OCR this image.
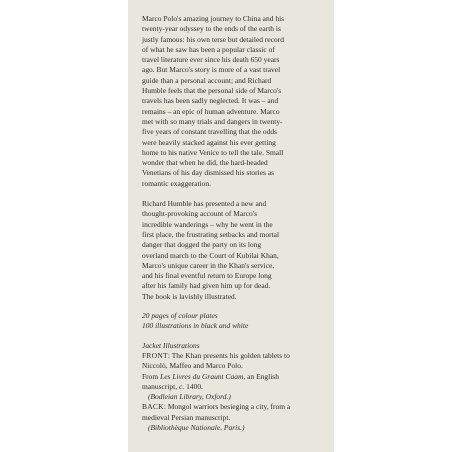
Marco Polo's amazing journey to China and his
twenty-year odyssey to the ends of the earth is
justly famous: his own terse but detailed record
of what he saw has been a popular classic of
travel literature ever since his death 650 years
ago. But Marco's story is more of a vast travel
guide than a personal account; and Richard
Humble feels that the personal side of Marco's
travels has been sadly neglected. It was – and
remains – an epic of human adventure. Marco
met with so many trials and dangers in twenty-
five years of constant travelling that the odds
were heavily stacked against his ever getting
home to his native Venice to tell the tale. Small
wonder that when he did, the hard-headed
Venetians of his day dismissed his stories as
romantic exaggeration.

Richard Humble has presented a new and
thought-provoking account of Marco's
incredible wanderings – why he went in the
first place, the frustrating setbacks and mortal
danger that dogged the party on its long
overland march to the Court of Kubilai Khan,
Marco's unique career in the Khan's service,
and his final eventful return to Europe long
after his family had given him up for dead.
The book is lavishly illustrated.

20 pages of colour plates
100 illustrations in black and white

Jacket Illustrations
FRONT: The Khan presents his golden tablets to
Niccolò, Maffeo and Marco Polo.
From Les Livres du Graunt Caam, an English
manuscript, c. 1400.
(Bodleian Library, Oxford.)
BACK: Mongol warriors besieging a city, from a
medieval Persian manuscript.
(Bibliothèque Nationale, Paris.)
